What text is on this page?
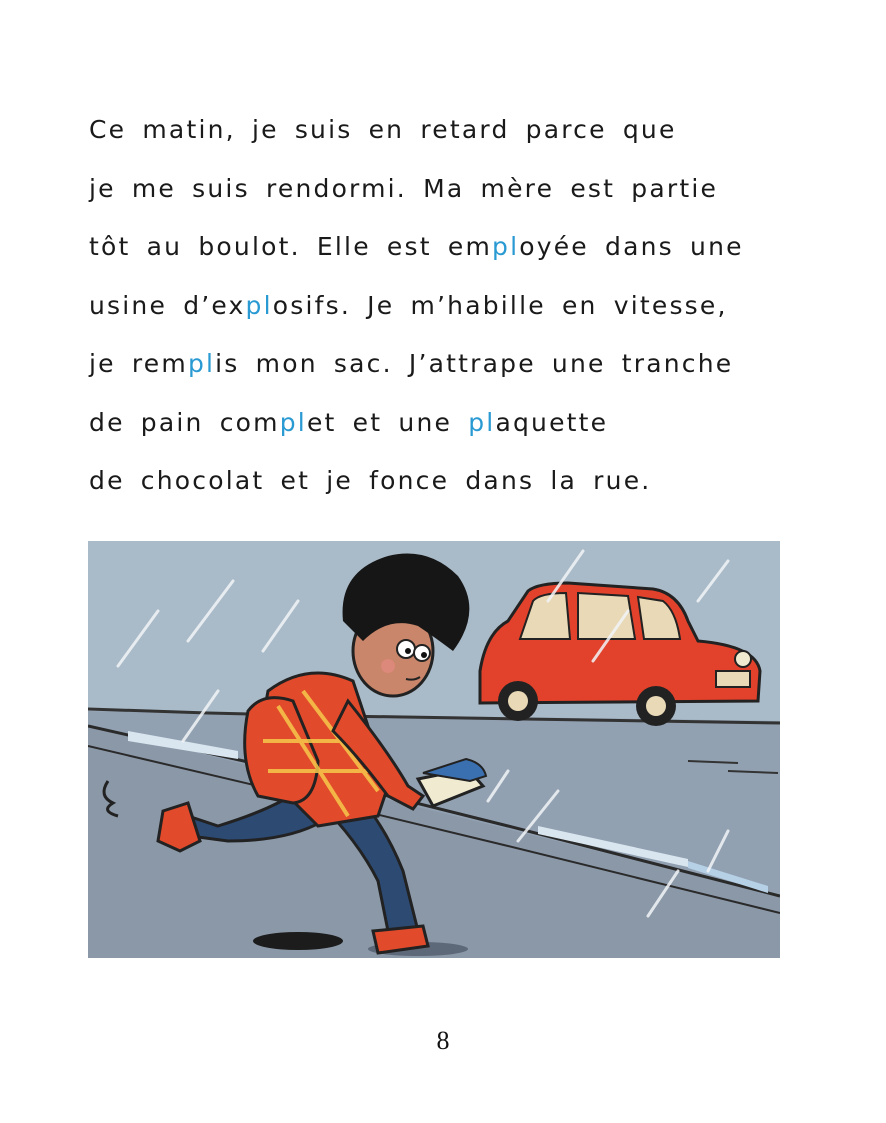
Ce matin, je suis en retard parce que
je me suis rendormi. Ma mère est partie
tôt au boulot. Elle est employée dans une
usine d’explosifs. Je m’habille en vitesse,
je remplis mon sac. J’attrape une tranche
de pain complet et une plaquette
de chocolat et je fonce dans la rue.
8
